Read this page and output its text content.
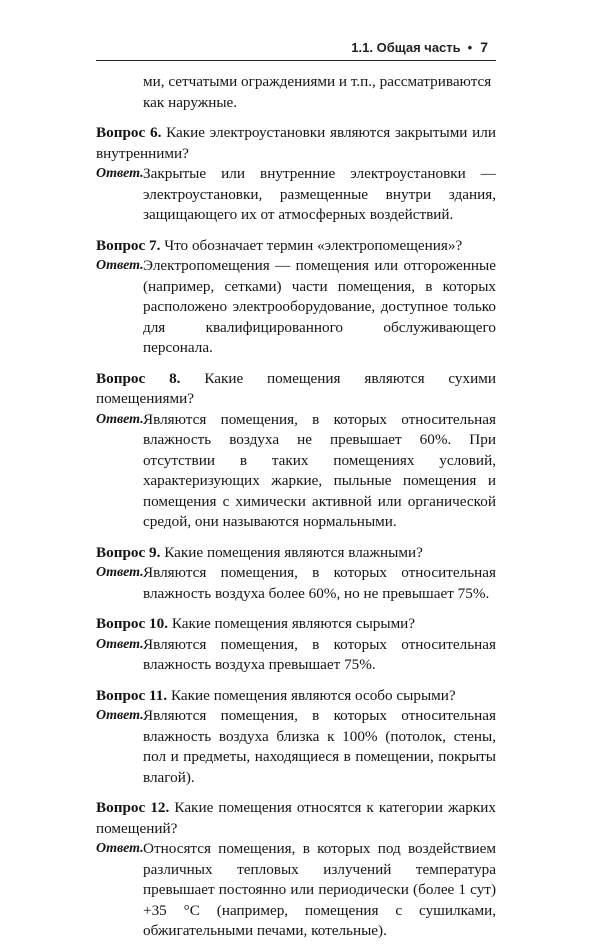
1.1. Общая часть • 7
ми, сетчатыми ограждениями и т.п., рассматриваются как наружные.
Вопрос 6. Какие электроустановки являются закрытыми или внутренними?
Ответ. Закрытые или внутренние электроустановки — электроустановки, размещенные внутри здания, защищающего их от атмосферных воздействий.
Вопрос 7. Что обозначает термин «электропомещения»?
Ответ. Электропомещения — помещения или отгороженные (например, сетками) части помещения, в которых расположено электрооборудование, доступное только для квалифицированного обслуживающего персонала.
Вопрос 8. Какие помещения являются сухими помещениями?
Ответ. Являются помещения, в которых относительная влажность воздуха не превышает 60%. При отсутствии в таких помещениях условий, характеризующих жаркие, пыльные помещения и помещения с химически активной или органической средой, они называются нормальными.
Вопрос 9. Какие помещения являются влажными?
Ответ. Являются помещения, в которых относительная влажность воздуха более 60%, но не превышает 75%.
Вопрос 10. Какие помещения являются сырыми?
Ответ. Являются помещения, в которых относительная влажность воздуха превышает 75%.
Вопрос 11. Какие помещения являются особо сырыми?
Ответ. Являются помещения, в которых относительная влажность воздуха близка к 100% (потолок, стены, пол и предметы, находящиеся в помещении, покрыты влагой).
Вопрос 12. Какие помещения относятся к категории жарких помещений?
Ответ. Относятся помещения, в которых под воздействием различных тепловых излучений температура превышает постоянно или периодически (более 1 сут) +35 °С (например, помещения с сушилками, обжигательными печами, котельные).
